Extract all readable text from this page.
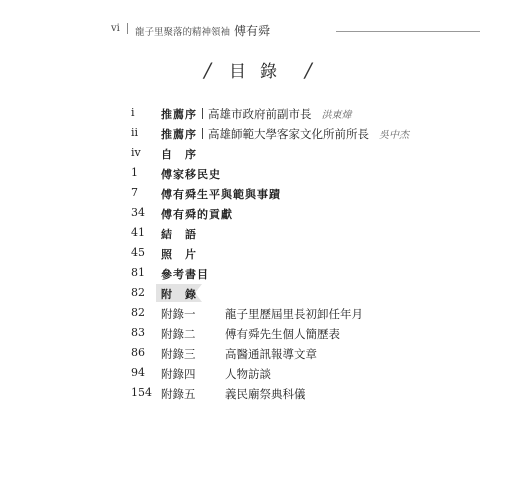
vi 龍子里聚落的精神領袖 傅有舜
/ 目錄 /
i 推薦序 高雄市政府前副市長 洪東煒
ii 推薦序 高雄師範大學客家文化所前所長 吳中杰
iv 自　序
1 傅家移民史
7 傅有舜生平與範與事蹟
34 傅有舜的貢獻
41 結　語
45 照　片
81 參考書目
82 附　錄
82 附錄一	龍子里歷屆里長初卸任年月
83 附錄二	傅有舜先生個人簡歷表
86 附錄三	高醫通訊報導文章
94 附錄四	人物訪談
154 附錄五	義民廟祭典科儀
